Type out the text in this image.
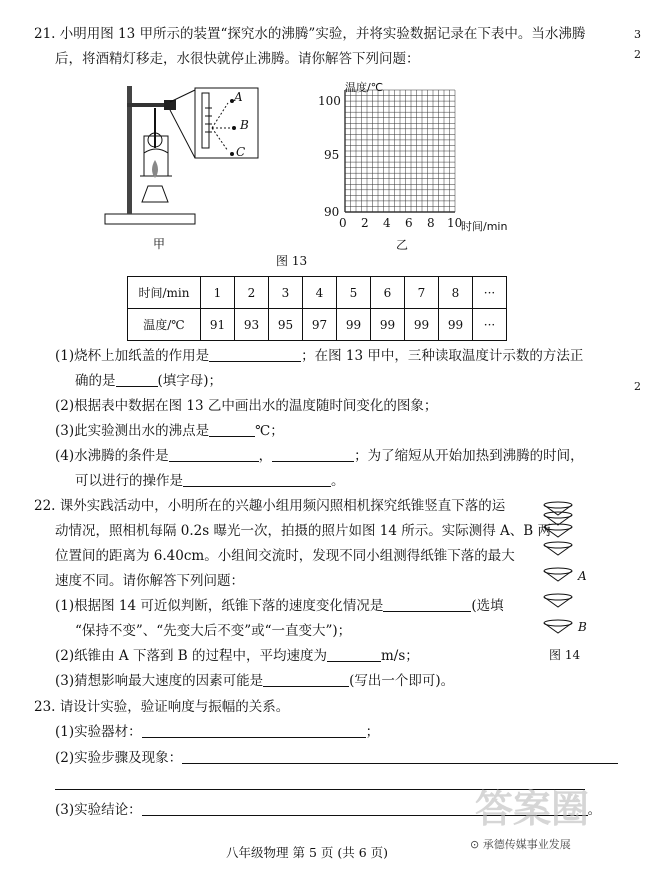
21. 小明用图 13 甲所示的装置“探究水的沸腾”实验，并将实验数据记录在下表中。当水沸腾
后，将酒精灯移走，水很快就停止沸腾。请你解答下列问题：
A
B
C
甲
温度/℃
100
95
90
0 2 4 6 8 10
时间/min
乙
图 13
时间/min	1	2	3	4	5	6	7	8	···
温度/℃	91	93	95	97	99	99	99	99	···
(1)烧杯上加纸盖的作用是	；在图 13 甲中，三种读取温度计示数的方法正
确的是	(填字母)；
(2)根据表中数据在图 13 乙中画出水的温度随时间变化的图象；
(3)此实验测出水的沸点是	℃；
(4)水沸腾的条件是	，	；为了缩短从开始加热到沸腾的时间，
可以进行的操作是	。
22. 课外实践活动中，小明所在的兴趣小组用频闪照相机探究纸锥竖直下落的运
动情况，照相机每隔 0.2s 曝光一次，拍摄的照片如图 14 所示。实际测得 A、B 两
位置间的距离为 6.40cm。小组间交流时，发现不同小组测得纸锥下落的最大
速度不同。请你解答下列问题：
(1)根据图 14 可近似判断，纸锥下落的速度变化情况是	(选填
“保持不变”、“先变大后不变”或“一直变大”)；
(2)纸锥由 A 下落到 B 的过程中，平均速度为	m/s；
(3)猜想影响最大速度的因素可能是	(写出一个即可)。
A
B
图 14
23. 请设计实验，验证响度与振幅的关系。
(1)实验器材：	；
(2)实验步骤及现象：
(3)实验结论：	。
八年级物理 第 5 页 (共 6 页)
3
2
2
答案圈
⊙ 承德传媒事业发展
